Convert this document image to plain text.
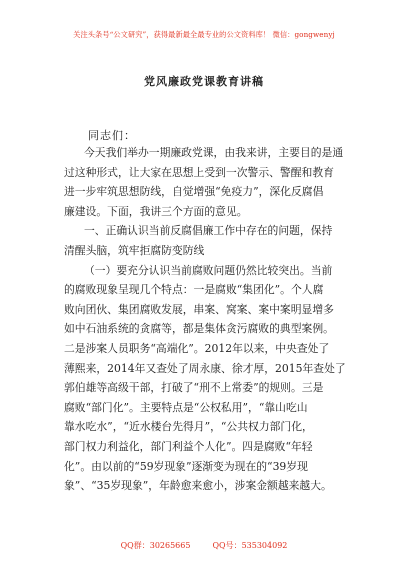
关注头条号“公文研究”，获得最新最全最专业的公文资料库！ 微信：gongwenyj
党风廉政党课教育讲稿
同志们：
今天我们举办一期廉政党课，由我来讲，主要目的是通
过这种形式，让大家在思想上受到一次警示、警醒和教育
进一步牢筑思想防线，自觉增强“免疫力”，深化反腐倡
廉建设。下面，我讲三个方面的意见。
一、正确认识当前反腐倡廉工作中存在的问题，保持
清醒头脑，筑牢拒腐防变防线
（一）要充分认识当前腐败问题仍然比较突出。当前
的腐败现象呈现几个特点：一是腐败“集团化”。个人腐
败向团伙、集团腐败发展，串案、窝案、案中案明显增多
如中石油系统的贪腐等，都是集体贪污腐败的典型案例。
二是涉案人员职务“高端化”。2012年以来，中央查处了
薄熙来，2014年又查处了周永康、徐才厚，2015年查处了
郭伯雄等高级干部，打破了“刑不上常委”的规则。三是
腐败“部门化”。主要特点是“公权私用”，“靠山吃山
靠水吃水”，“近水楼台先得月”，“公共权力部门化，
部门权力利益化，部门利益个人化”。四是腐败“年轻
化”。由以前的“59岁现象”逐渐变为现在的“39岁现
象”、“35岁现象”，年龄愈来愈小，涉案金额越来越大。
QQ群：30265665	QQ号：535304092
